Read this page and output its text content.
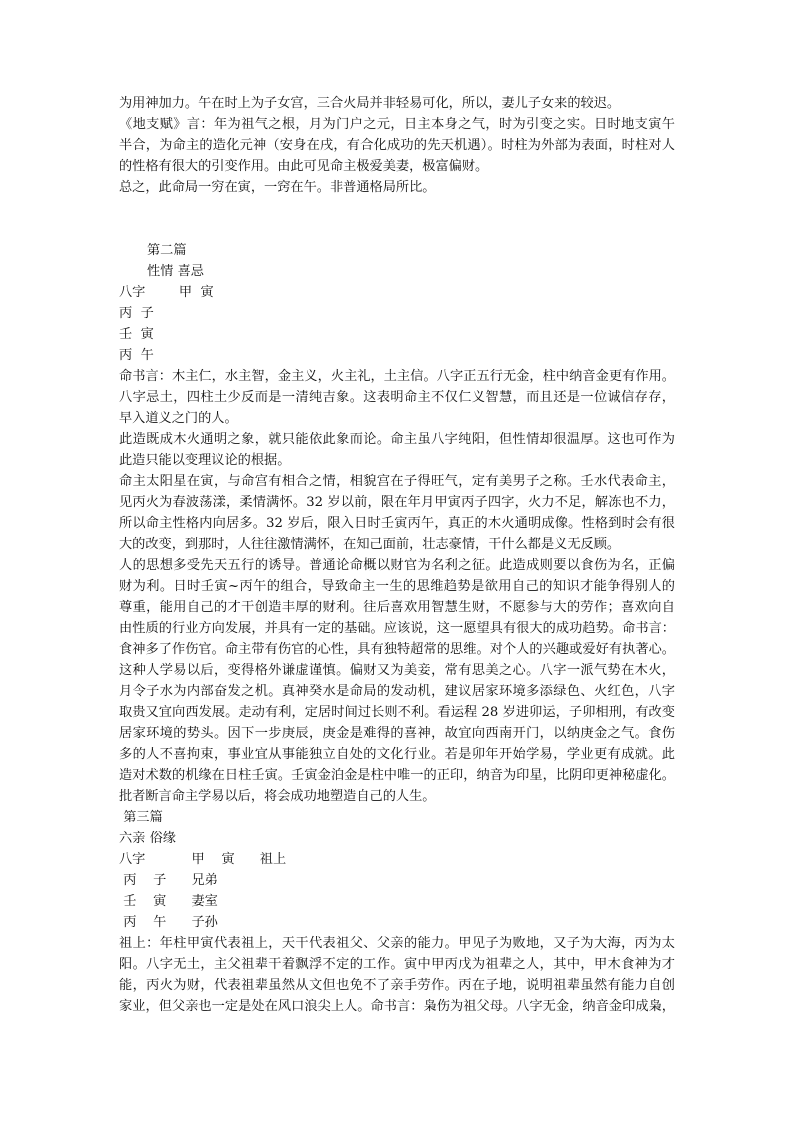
为用神加力。午在时上为子女宫，三合火局并非轻易可化，所以，妻儿子女来的较迟。
《地支赋》言：年为祖气之根，月为门户之元，日主本身之气，时为引变之实。日时地支寅午
半合，为命主的造化元神（安身在戌，有合化成功的先天机遇）。时柱为外部为表面，时柱对人
的性格有很大的引变作用。由此可见命主极爱美妻，极富偏财。
总之，此命局一穷在寅，一窍在午。非普通格局所比。
第二篇
性情 喜忌
八字        甲  寅
丙  子
壬  寅
丙  午
命书言：木主仁，水主智，金主义，火主礼，土主信。八字正五行无金，柱中纳音金更有作用。
八字忌土，四柱土少反而是一清纯吉象。这表明命主不仅仁义智慧，而且还是一位诚信存存，
早入道义之门的人。
此造既成木火通明之象，就只能依此象而论。命主虽八字纯阳，但性情却很温厚。这也可作为
此造只能以变理议论的根据。
命主太阳星在寅，与命宫有相合之情，相貌宫在子得旺气，定有美男子之称。壬水代表命主，
见丙火为春波荡漾，柔情满怀。32 岁以前，限在年月甲寅丙子四字，火力不足，解冻也不力，
所以命主性格内向居多。32 岁后，限入日时壬寅丙午，真正的木火通明成像。性格到时会有很
大的改变，到那时，人往往激情满怀，在知己面前，壮志豪情，干什么都是义无反顾。
人的思想多受先天五行的诱导。普通论命概以财官为名利之征。此造成则要以食伤为名，正偏
财为利。日时壬寅~丙午的组合，导致命主一生的思维趋势是欲用自己的知识才能争得别人的
尊重，能用自己的才干创造丰厚的财利。往后喜欢用智慧生财，不愿参与大的劳作；喜欢向自
由性质的行业方向发展，并具有一定的基础。应该说，这一愿望具有很大的成功趋势。命书言：
食神多了作伤官。命主带有伤官的心性，具有独特超常的思维。对个人的兴趣或爱好有执著心。
这种人学易以后，变得格外谦虚谨慎。偏财又为美妾，常有思美之心。八字一派气势在木火，
月令子水为内部奋发之机。真神癸水是命局的发动机，建议居家环境多添绿色、火红色，八字
取贵又宜向西发展。走动有利，定居时间过长则不利。看运程 28 岁进卯运，子卯相刑，有改变
居家环境的势头。因下一步庚辰，庚金是难得的喜神，故宜向西南开门，以纳庚金之气。食伤
多的人不喜拘束，事业宜从事能独立自处的文化行业。若是卯年开始学易，学业更有成就。此
造对术数的机缘在日柱壬寅。壬寅金泊金是柱中唯一的正印，纳音为印星，比阴印更神秘虚化。
批者断言命主学易以后，将会成功地塑造自己的人生。
第三篇
六亲 俗缘
八字           甲    寅      祖上
丙    子      兄弟
壬    寅      妻室
丙    午      子孙
祖上：年柱甲寅代表祖上，天干代表祖父、父亲的能力。甲见子为败地，又子为大海，丙为太
阳。八字无土，主父祖辈干着飘浮不定的工作。寅中甲丙戊为祖辈之人，其中，甲木食神为才
能，丙火为财，代表祖辈虽然从文但也免不了亲手劳作。丙在子地，说明祖辈虽然有能力自创
家业，但父亲也一定是处在风口浪尖上人。命书言：枭伤为祖父母。八字无金，纳音金印成枭，
